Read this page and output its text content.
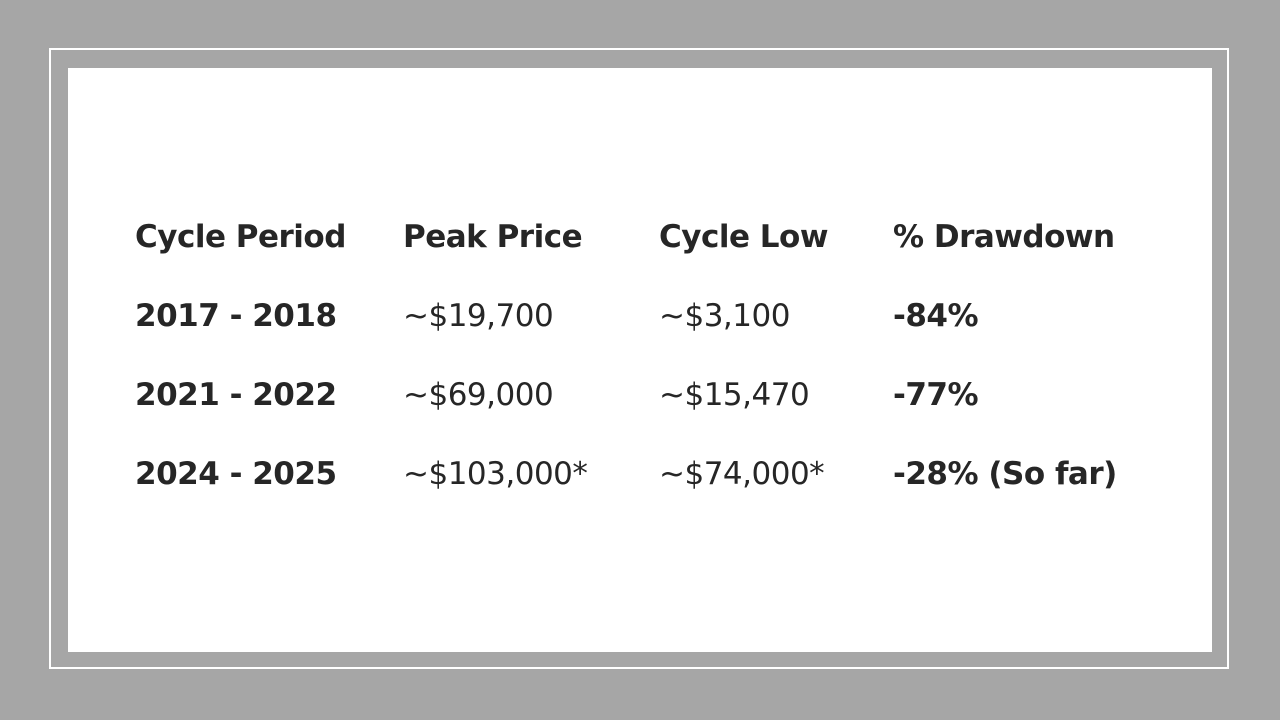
Cycle Period	Peak Price	Cycle Low	% Drawdown
2017 - 2018	~$19,700	~$3,100	-84%
2021 - 2022	~$69,000	~$15,470	-77%
2024 - 2025	~$103,000*	~$74,000*	-28% (So far)
